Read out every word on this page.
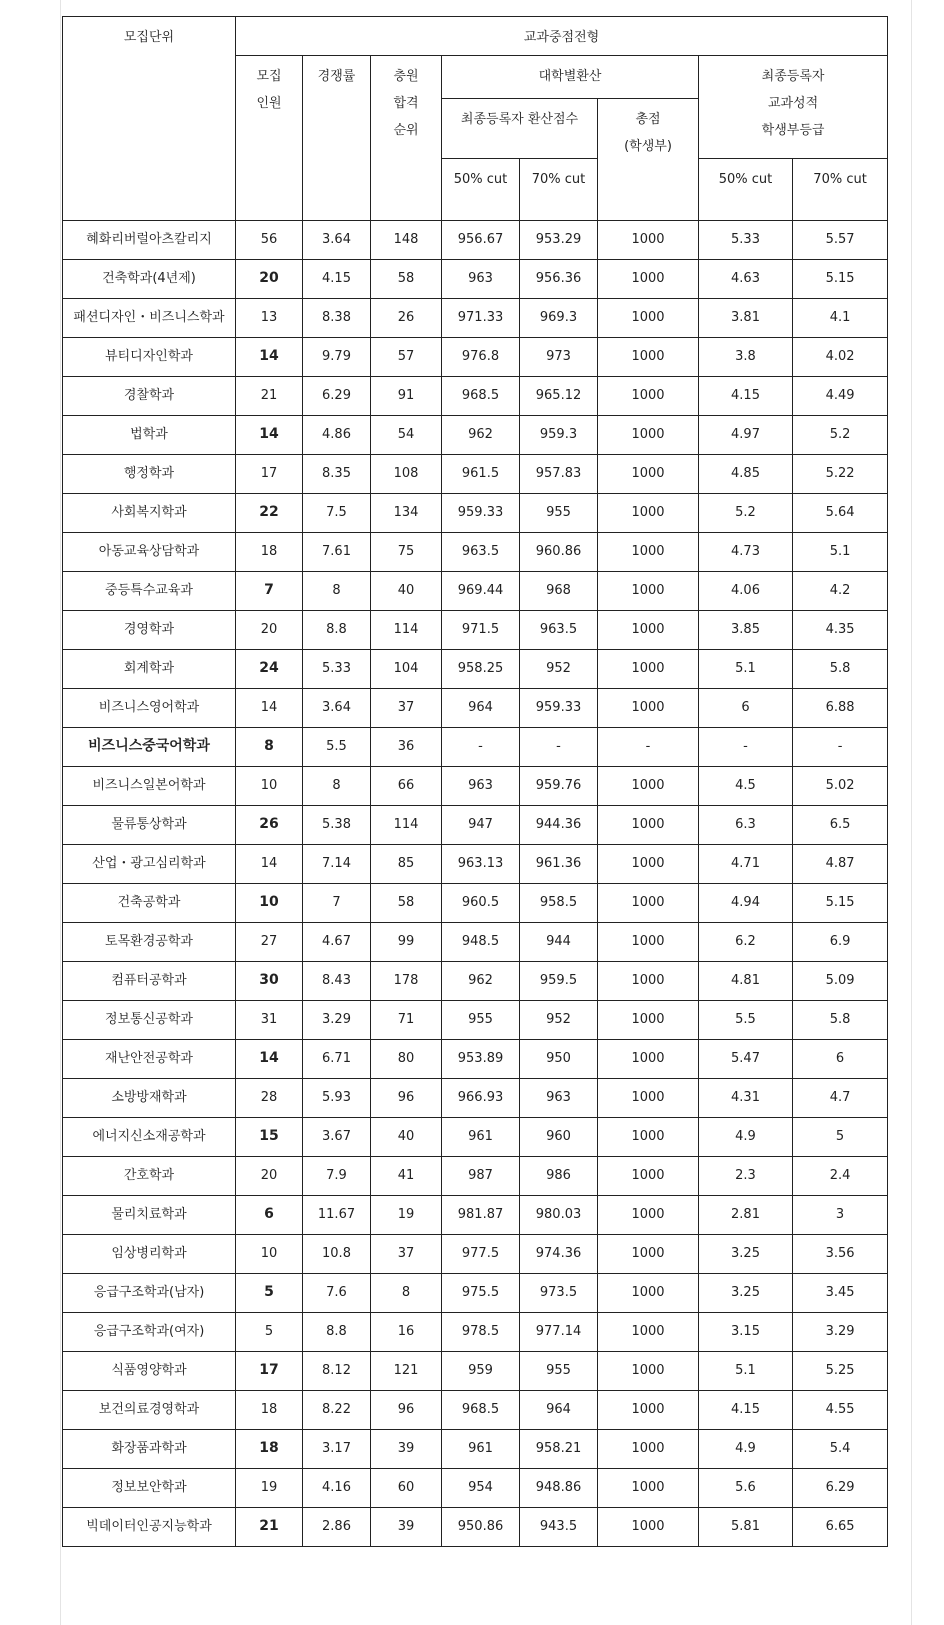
모집단위	교과중점전형							
	모집
인원	경쟁률	충원
합격
순위	대학별환산			최종등록자
교과성적
학생부등급	
				최종등록자 환산점수		총점
(학생부)		
				50% cut	70% cut		50% cut	70% cut
혜화리버럴아츠칼리지	56	3.64	148	956.67	953.29	1000	5.33	5.57
건축학과(4년제)	20	4.15	58	963	956.36	1000	4.63	5.15
패션디자인・비즈니스학과	13	8.38	26	971.33	969.3	1000	3.81	4.1
뷰티디자인학과	14	9.79	57	976.8	973	1000	3.8	4.02
경찰학과	21	6.29	91	968.5	965.12	1000	4.15	4.49
법학과	14	4.86	54	962	959.3	1000	4.97	5.2
행정학과	17	8.35	108	961.5	957.83	1000	4.85	5.22
사회복지학과	22	7.5	134	959.33	955	1000	5.2	5.64
아동교육상담학과	18	7.61	75	963.5	960.86	1000	4.73	5.1
중등특수교육과	7	8	40	969.44	968	1000	4.06	4.2
경영학과	20	8.8	114	971.5	963.5	1000	3.85	4.35
회계학과	24	5.33	104	958.25	952	1000	5.1	5.8
비즈니스영어학과	14	3.64	37	964	959.33	1000	6	6.88
비즈니스중국어학과	8	5.5	36	-	-	-	-	-
비즈니스일본어학과	10	8	66	963	959.76	1000	4.5	5.02
물류통상학과	26	5.38	114	947	944.36	1000	6.3	6.5
산업・광고심리학과	14	7.14	85	963.13	961.36	1000	4.71	4.87
건축공학과	10	7	58	960.5	958.5	1000	4.94	5.15
토목환경공학과	27	4.67	99	948.5	944	1000	6.2	6.9
컴퓨터공학과	30	8.43	178	962	959.5	1000	4.81	5.09
정보통신공학과	31	3.29	71	955	952	1000	5.5	5.8
재난안전공학과	14	6.71	80	953.89	950	1000	5.47	6
소방방재학과	28	5.93	96	966.93	963	1000	4.31	4.7
에너지신소재공학과	15	3.67	40	961	960	1000	4.9	5
간호학과	20	7.9	41	987	986	1000	2.3	2.4
물리치료학과	6	11.67	19	981.87	980.03	1000	2.81	3
임상병리학과	10	10.8	37	977.5	974.36	1000	3.25	3.56
응급구조학과(남자)	5	7.6	8	975.5	973.5	1000	3.25	3.45
응급구조학과(여자)	5	8.8	16	978.5	977.14	1000	3.15	3.29
식품영양학과	17	8.12	121	959	955	1000	5.1	5.25
보건의료경영학과	18	8.22	96	968.5	964	1000	4.15	4.55
화장품과학과	18	3.17	39	961	958.21	1000	4.9	5.4
정보보안학과	19	4.16	60	954	948.86	1000	5.6	6.29
빅데이터인공지능학과	21	2.86	39	950.86	943.5	1000	5.81	6.65
